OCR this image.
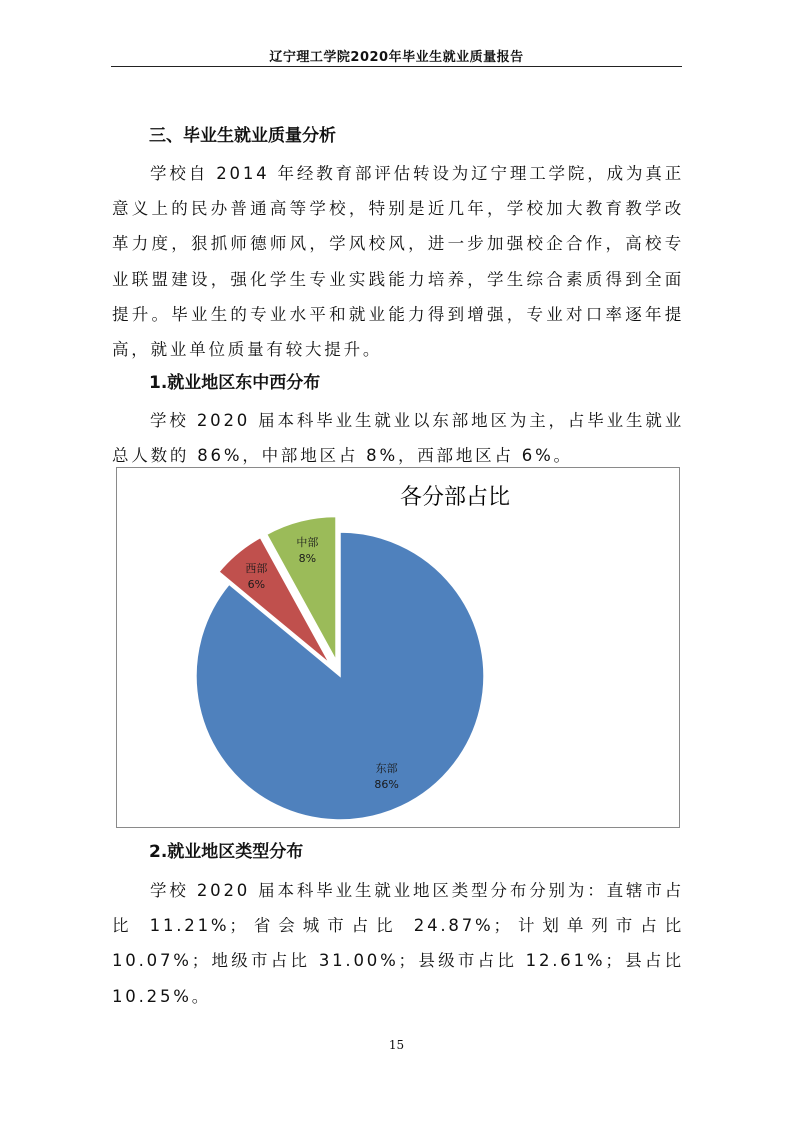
辽宁理工学院2020年毕业生就业质量报告
三、毕业生就业质量分析
学校自 2014 年经教育部评估转设为辽宁理工学院，成为真正意义上的民办普通高等学校，特别是近几年，学校加大教育教学改革力度，狠抓师德师风，学风校风，进一步加强校企合作，高校专业联盟建设，强化学生专业实践能力培养，学生综合素质得到全面提升。毕业生的专业水平和就业能力得到增强，专业对口率逐年提高，就业单位质量有较大提升。
1.就业地区东中西分布
学校 2020 届本科毕业生就业以东部地区为主，占毕业生就业总人数的 86%，中部地区占 8%，西部地区占 6%。
各分部占比
东部
86%
西部
6%
中部
8%
2.就业地区类型分布
学校 2020 届本科毕业生就业地区类型分布分别为：直辖市占比 11.21%；省会城市占比 24.87%；计划单列市占比 10.07%；地级市占比 31.00%；县级市占比 12.61%；县占比 10.25%。
15
